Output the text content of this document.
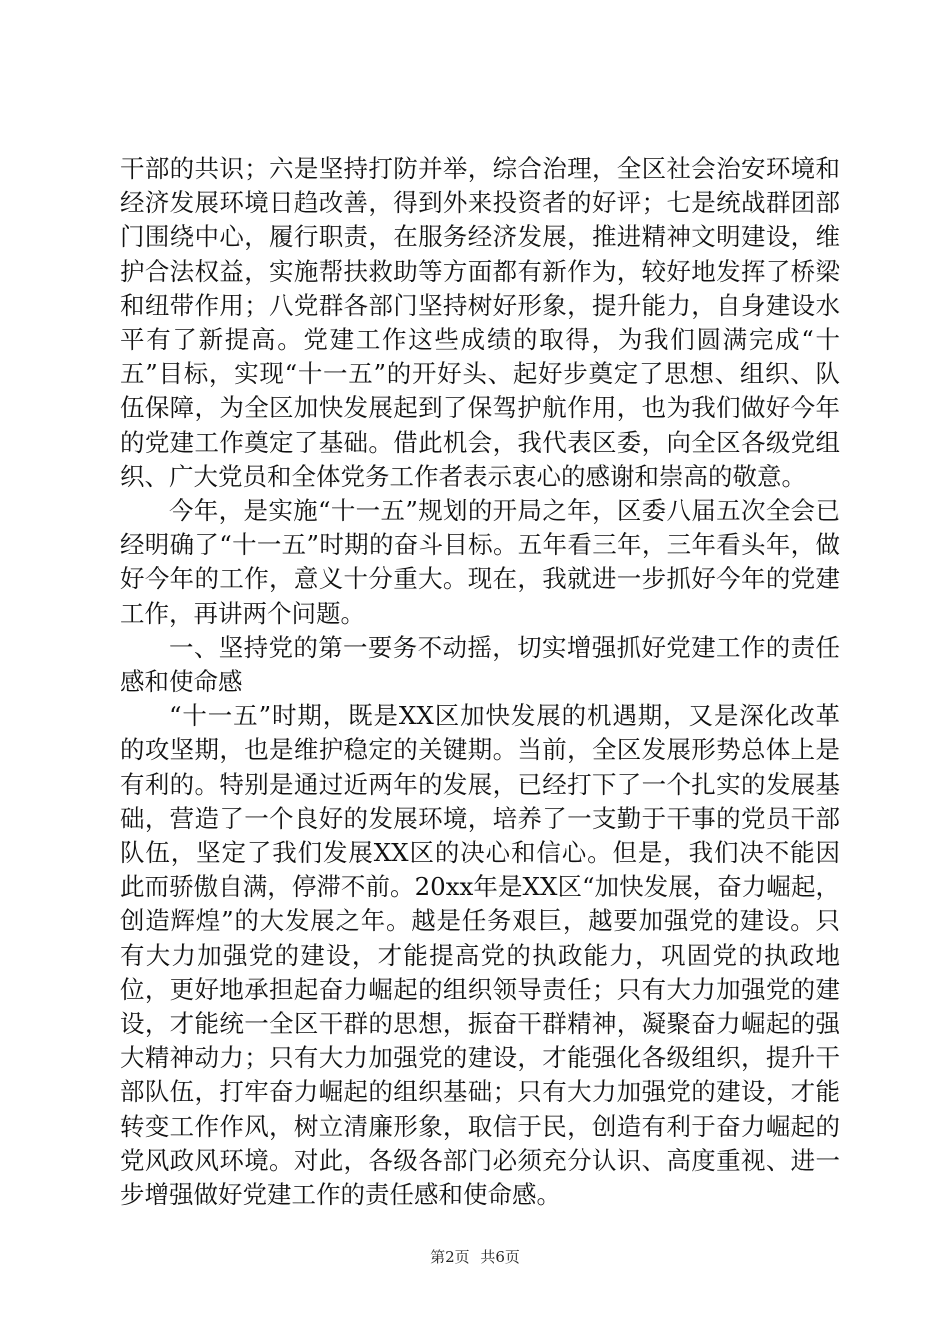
干部的共识；六是坚持打防并举，综合治理，全区社会治安环境和经济发展环境日趋改善，得到外来投资者的好评；七是统战群团部门围绕中心，履行职责，在服务经济发展，推进精神文明建设，维护合法权益，实施帮扶救助等方面都有新作为，较好地发挥了桥梁和纽带作用；八党群各部门坚持树好形象，提升能力，自身建设水平有了新提高。党建工作这些成绩的取得，为我们圆满完成“十五”目标，实现“十一五”的开好头、起好步奠定了思想、组织、队伍保障，为全区加快发展起到了保驾护航作用，也为我们做好今年的党建工作奠定了基础。借此机会，我代表区委，向全区各级党组织、广大党员和全体党务工作者表示衷心的感谢和崇高的敬意。

今年，是实施“十一五”规划的开局之年，区委八届五次全会已经明确了“十一五”时期的奋斗目标。五年看三年，三年看头年，做好今年的工作，意义十分重大。现在，我就进一步抓好今年的党建工作，再讲两个问题。

一、坚持党的第一要务不动摇，切实增强抓好党建工作的责任感和使命感

“十一五”时期，既是XX区加快发展的机遇期，又是深化改革的攻坚期，也是维护稳定的关键期。当前，全区发展形势总体上是有利的。特别是通过近两年的发展，已经打下了一个扎实的发展基础，营造了一个良好的发展环境，培养了一支勤于干事的党员干部队伍，坚定了我们发展XX区的决心和信心。但是，我们决不能因此而骄傲自满，停滞不前。20xx年是XX区“加快发展，奋力崛起，创造辉煌”的大发展之年。越是任务艰巨，越要加强党的建设。只有大力加强党的建设，才能提高党的执政能力，巩固党的执政地位，更好地承担起奋力崛起的组织领导责任；只有大力加强党的建设，才能统一全区干群的思想，振奋干群精神，凝聚奋力崛起的强大精神动力；只有大力加强党的建设，才能强化各级组织，提升干部队伍，打牢奋力崛起的组织基础；只有大力加强党的建设，才能转变工作作风，树立清廉形象，取信于民，创造有利于奋力崛起的党风政风环境。对此，各级各部门必须充分认识、高度重视、进一步增强做好党建工作的责任感和使命感。

第2页 共6页
